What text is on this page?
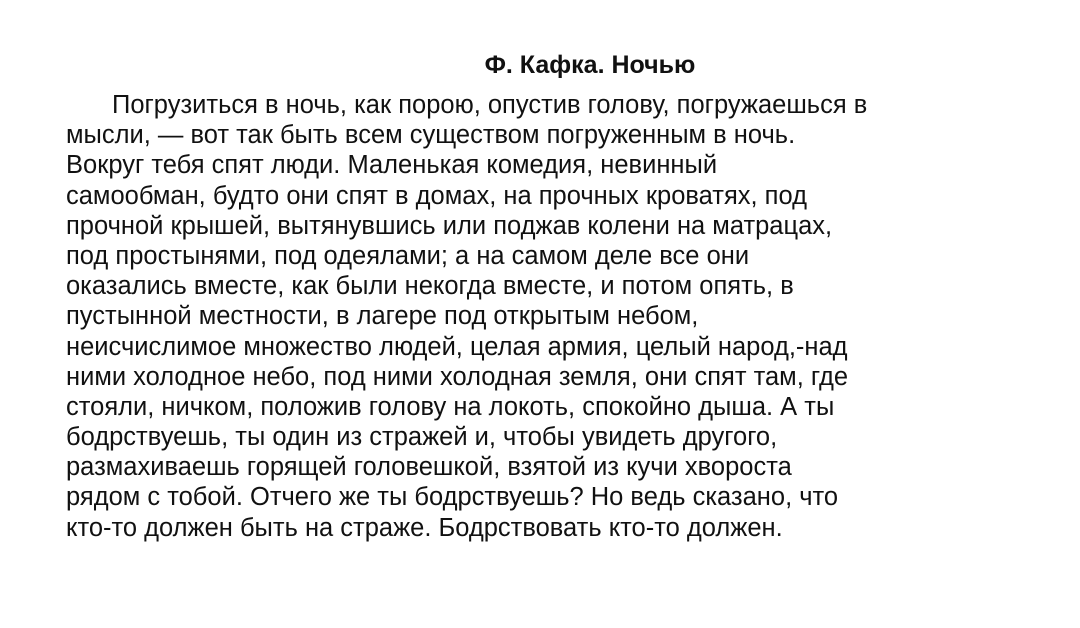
Ф. Кафка. Ночью
Погрузиться в ночь, как порою, опустив голову, погружаешься в
мысли, — вот так быть всем существом погруженным в ночь.
Вокруг тебя спят люди. Маленькая комедия, невинный
самообман, будто они спят в домах, на прочных кроватях, под
прочной крышей, вытянувшись или поджав колени на матрацах,
под простынями, под одеялами; а на самом деле все они
оказались вместе, как были некогда вместе, и потом опять, в
пустынной местности, в лагере под открытым небом,
неисчислимое множество людей, целая армия, целый народ,-над
ними холодное небо, под ними холодная земля, они спят там, где
стояли, ничком, положив голову на локоть, спокойно дыша. А ты
бодрствуешь, ты один из стражей и, чтобы увидеть другого,
размахиваешь горящей головешкой, взятой из кучи хвороста
рядом с тобой. Отчего же ты бодрствуешь? Но ведь сказано, что
кто-то должен быть на страже. Бодрствовать кто-то должен.
